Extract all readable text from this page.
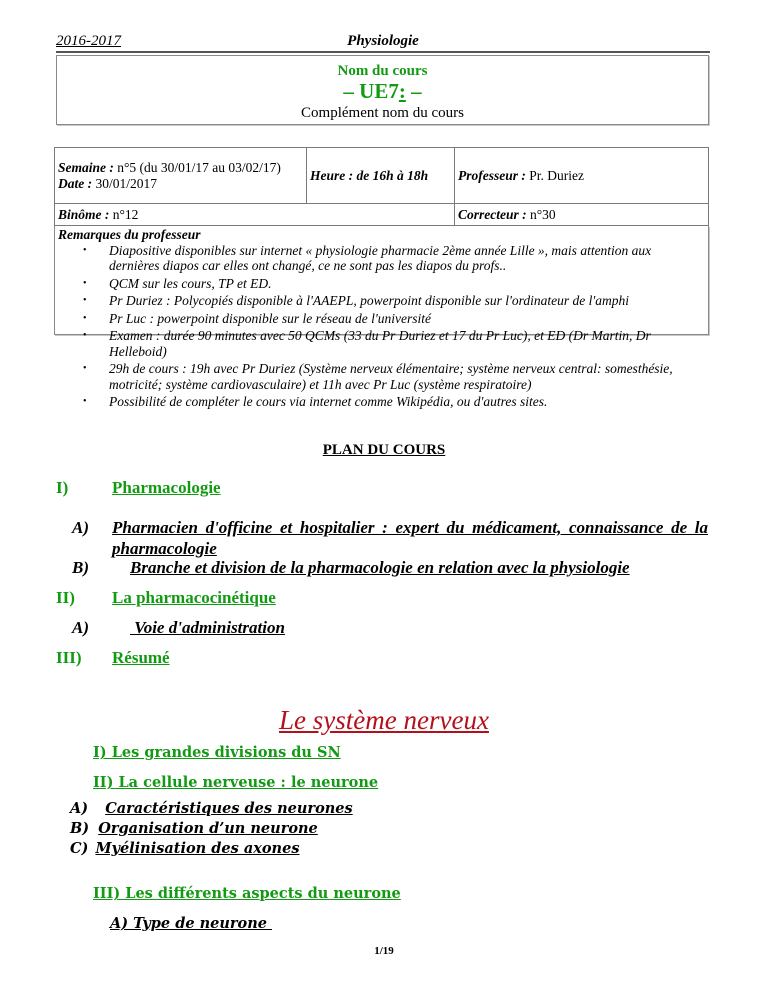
2016-2017	Physiologie
Nom du cours
– UE7: –
Complément nom du cours
Semaine : n°5 (du 30/01/17 au 03/02/17)
Date : 30/01/2017	Heure : de 16h à 18h	Professeur : Pr. Duriez
Binôme : n°12		Correcteur : n°30
Remarques du professeur
• Diapositive disponibles sur internet « physiologie pharmacie 2ème année Lille », mais attention aux dernières diapos car elles ont changé, ce ne sont pas les diapos du profs..
• QCM sur les cours, TP et ED.
• Pr Duriez : Polycopiés disponible à l'AAEPL, powerpoint disponible sur l'ordinateur de l'amphi
• Pr Luc : powerpoint disponible sur le réseau de l'université
• Examen : durée 90 minutes avec 50 QCMs (33 du Pr Duriez et 17 du Pr Luc), et ED (Dr Martin, Dr Helleboid)
• 29h de cours : 19h avec Pr Duriez (Système nerveux élémentaire; système nerveux central: somesthésie, motricité; système cardiovasculaire) et 11h avec Pr Luc (système respiratoire)
• Possibilité de compléter le cours via internet comme Wikipédia, ou d'autres sites.
PLAN DU COURS
I)	Pharmacologie
A) Pharmacien d'officine et hospitalier : expert du médicament, connaissance de la pharmacologie
B) Branche et division de la pharmacologie en relation avec la physiologie
II) La pharmacocinétique
A) Voie d'administration
III) Résumé
Le système nerveux
I) Les grandes divisions du SN
II) La cellule nerveuse : le neurone
A) Caractéristiques des neurones
B) Organisation d’un neurone
C) Myélinisation des axones
III) Les différents aspects du neurone
A) Type de neurone
1/19
